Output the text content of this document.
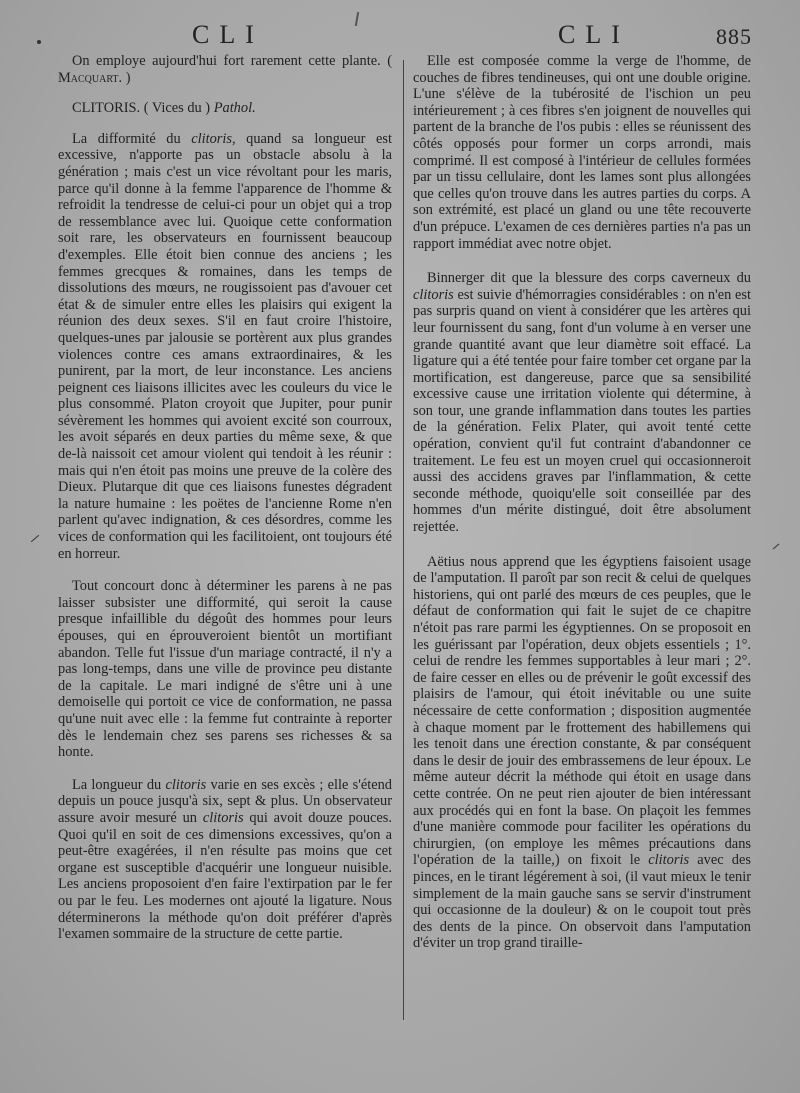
CLI	CLI	885

On employe aujourd'hui fort rarement cette plante. ( Macquart. )

CLITORIS. ( Vices du ) Pathol.

La difformité du clitoris, quand sa longueur est excessive, n'apporte pas un obstacle absolu à la génération ; mais c'est un vice révoltant pour les maris, parce qu'il donne à la femme l'apparence de l'homme & refroidit la tendresse de celui-ci pour un objet qui a trop de ressemblance avec lui. Quoique cette conformation soit rare, les observateurs en fournissent beaucoup d'exemples. Elle étoit bien connue des anciens ; les femmes grecques & romaines, dans les temps de dissolutions des mœurs, ne rougissoient pas d'avouer cet état & de simuler entre elles les plaisirs qui exigent la réunion des deux sexes. S'il en faut croire l'histoire, quelques-unes par jalousie se portèrent aux plus grandes violences contre ces amans extraordinaires, & les punirent, par la mort, de leur inconstance. Les anciens peignent ces liaisons illicites avec les couleurs du vice le plus consommé. Platon croyoit que Jupiter, pour punir sévèrement les hommes qui avoient excité son courroux, les avoit séparés en deux parties du même sexe, & que de-là naissoit cet amour violent qui tendoit à les réunir : mais qui n'en étoit pas moins une preuve de la colère des Dieux. Plutarque dit que ces liaisons funestes dégradent la nature humaine : les poëtes de l'ancienne Rome n'en parlent qu'avec indignation, & ces désordres, comme les vices de conformation qui les facilitoient, ont toujours été en horreur.

Tout concourt donc à déterminer les parens à ne pas laisser subsister une difformité, qui seroit la cause presque infaillible du dégoût des hommes pour leurs épouses, qui en éprouveroient bientôt un mortifiant abandon. Telle fut l'issue d'un mariage contracté, il n'y a pas long-temps, dans une ville de province peu distante de la capitale. Le mari indigné de s'être uni à une demoiselle qui portoit ce vice de conformation, ne passa qu'une nuit avec elle : la femme fut contrainte à reporter dès le lendemain chez ses parens ses richesses & sa honte.

La longueur du clitoris varie en ses excès ; elle s'étend depuis un pouce jusqu'à six, sept & plus. Un observateur assure avoir mesuré un clitoris qui avoit douze pouces. Quoi qu'il en soit de ces dimensions excessives, qu'on a peut-être exagérées, il n'en résulte pas moins que cet organe est susceptible d'acquérir une longueur nuisible. Les anciens proposoient d'en faire l'extirpation par le fer ou par le feu. Les modernes ont ajouté la ligature. Nous déterminerons la méthode qu'on doit préférer d'après l'examen sommaire de la structure de cette partie.

Elle est composée comme la verge de l'homme, de couches de fibres tendineuses, qui ont une double origine. L'une s'élève de la tubérosité de l'ischion un peu intérieurement ; à ces fibres s'en joignent de nouvelles qui partent de la branche de l'os pubis : elles se réunissent des côtés opposés pour former un corps arrondi, mais comprimé. Il est composé à l'intérieur de cellules formées par un tissu cellulaire, dont les lames sont plus allongées que celles qu'on trouve dans les autres parties du corps. A son extrémité, est placé un gland ou une tête recouverte d'un prépuce. L'examen de ces dernières parties n'a pas un rapport immédiat avec notre objet.

Binnerger dit que la blessure des corps caverneux du clitoris est suivie d'hémorragies considérables : on n'en est pas surpris quand on vient à considérer que les artères qui leur fournissent du sang, font d'un volume à en verser une grande quantité avant que leur diamètre soit effacé. La ligature qui a été tentée pour faire tomber cet organe par la mortification, est dangereuse, parce que sa sensibilité excessive cause une irritation violente qui détermine, à son tour, une grande inflammation dans toutes les parties de la génération. Felix Plater, qui avoit tenté cette opération, convient qu'il fut contraint d'abandonner ce traitement. Le feu est un moyen cruel qui occasionneroit aussi des accidens graves par l'inflammation, & cette seconde méthode, quoiqu'elle soit conseillée par des hommes d'un mérite distingué, doit être absolument rejettée.

Aëtius nous apprend que les égyptiens faisoient usage de l'amputation. Il paroît par son recit & celui de quelques historiens, qui ont parlé des mœurs de ces peuples, que le défaut de conformation qui fait le sujet de ce chapitre n'étoit pas rare parmi les égyptiennes. On se proposoit en les guérissant par l'opération, deux objets essentiels ; 1°. celui de rendre les femmes supportables à leur mari ; 2°. de faire cesser en elles ou de prévenir le goût excessif des plaisirs de l'amour, qui étoit inévitable ou une suite nécessaire de cette conformation ; disposition augmentée à chaque moment par le frottement des habillemens qui les tenoit dans une érection constante, & par conséquent dans le desir de jouir des embrassemens de leur époux. Le même auteur décrit la méthode qui étoit en usage dans cette contrée. On ne peut rien ajouter de bien intéressant aux procédés qui en font la base. On plaçoit les femmes d'une manière commode pour faciliter les opérations du chirurgien, (on employe les mêmes précautions dans l'opération de la taille,) on fixoit le clitoris avec des pinces, en le tirant légérement à soi, (il vaut mieux le tenir simplement de la main gauche sans se servir d'instrument qui occasionne de la douleur) & on le coupoit tout près des dents de la pince. On observoit dans l'amputation d'éviter un trop grand tiraille-
